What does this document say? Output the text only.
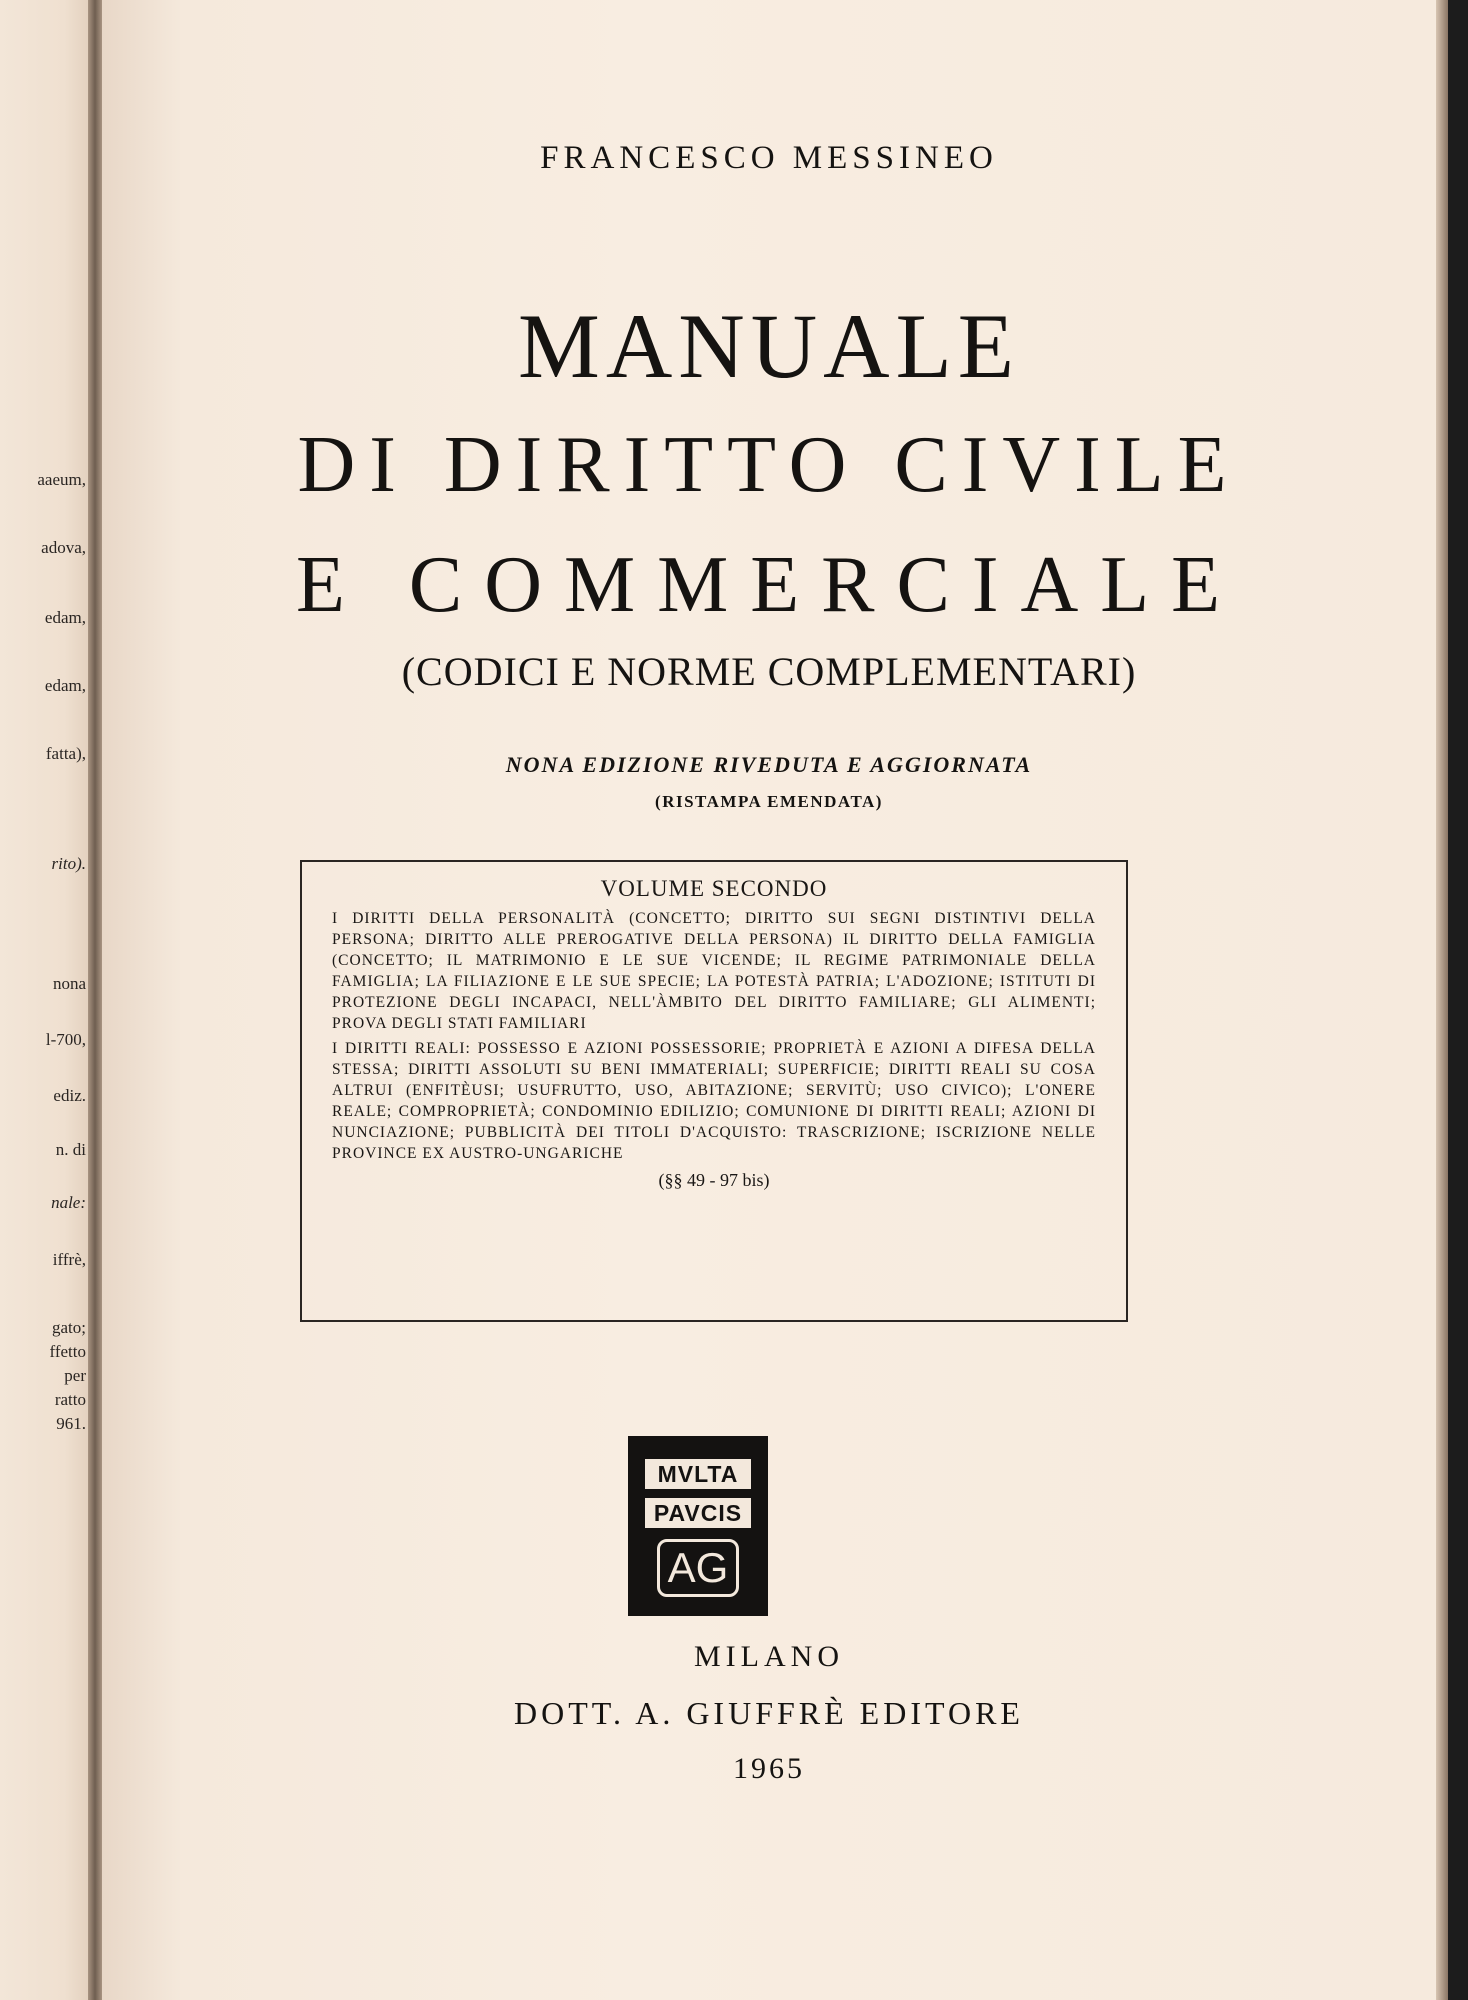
aaeum,
adova,
edam,
edam,
fatta),
rito).
nona
l-700,
ediz.
n. di
nale:
iffrè,
gato;
ffetto
per
ratto
961.
FRANCESCO MESSINEO
MANUALE
DI DIRITTO CIVILE
E COMMERCIALE
(CODICI E NORME COMPLEMENTARI)
NONA EDIZIONE RIVEDUTA E AGGIORNATA
(RISTAMPA EMENDATA)
VOLUME SECONDO
I DIRITTI DELLA PERSONALITÀ (CONCETTO; DIRITTO SUI SEGNI DISTINTIVI DELLA PERSONA; DIRITTO ALLE PREROGATIVE DELLA PERSONA) IL DIRITTO DELLA FAMIGLIA (CONCETTO; IL MATRIMONIO E LE SUE VICENDE; IL REGIME PATRIMONIALE DELLA FAMIGLIA; LA FILIAZIONE E LE SUE SPECIE; LA POTESTÀ PATRIA; L'ADOZIONE; ISTITUTI DI PROTEZIONE DEGLI INCAPACI, NELL'ÀMBITO DEL DIRITTO FAMILIARE; GLI ALIMENTI; PROVA DEGLI STATI FAMILIARI
I DIRITTI REALI: POSSESSO E AZIONI POSSESSORIE; PROPRIETÀ E AZIONI A DIFESA DELLA STESSA; DIRITTI ASSOLUTI SU BENI IMMATERIALI; SUPERFICIE; DIRITTI REALI SU COSA ALTRUI (ENFITÈUSI; USUFRUTTO, USO, ABITAZIONE; SERVITÙ; USO CIVICO); L'ONERE REALE; COMPROPRIETÀ; CONDOMINIO EDILIZIO; COMUNIONE DI DIRITTI REALI; AZIONI DI NUNCIAZIONE; PUBBLICITÀ DEI TITOLI D'ACQUISTO: TRASCRIZIONE; ISCRIZIONE NELLE PROVINCE EX AUSTRO-UNGARICHE
(§§ 49 - 97 bis)
MVLTA
PAVCIS
AG
MILANO
DOTT. A. GIUFFRÈ EDITORE
1965
